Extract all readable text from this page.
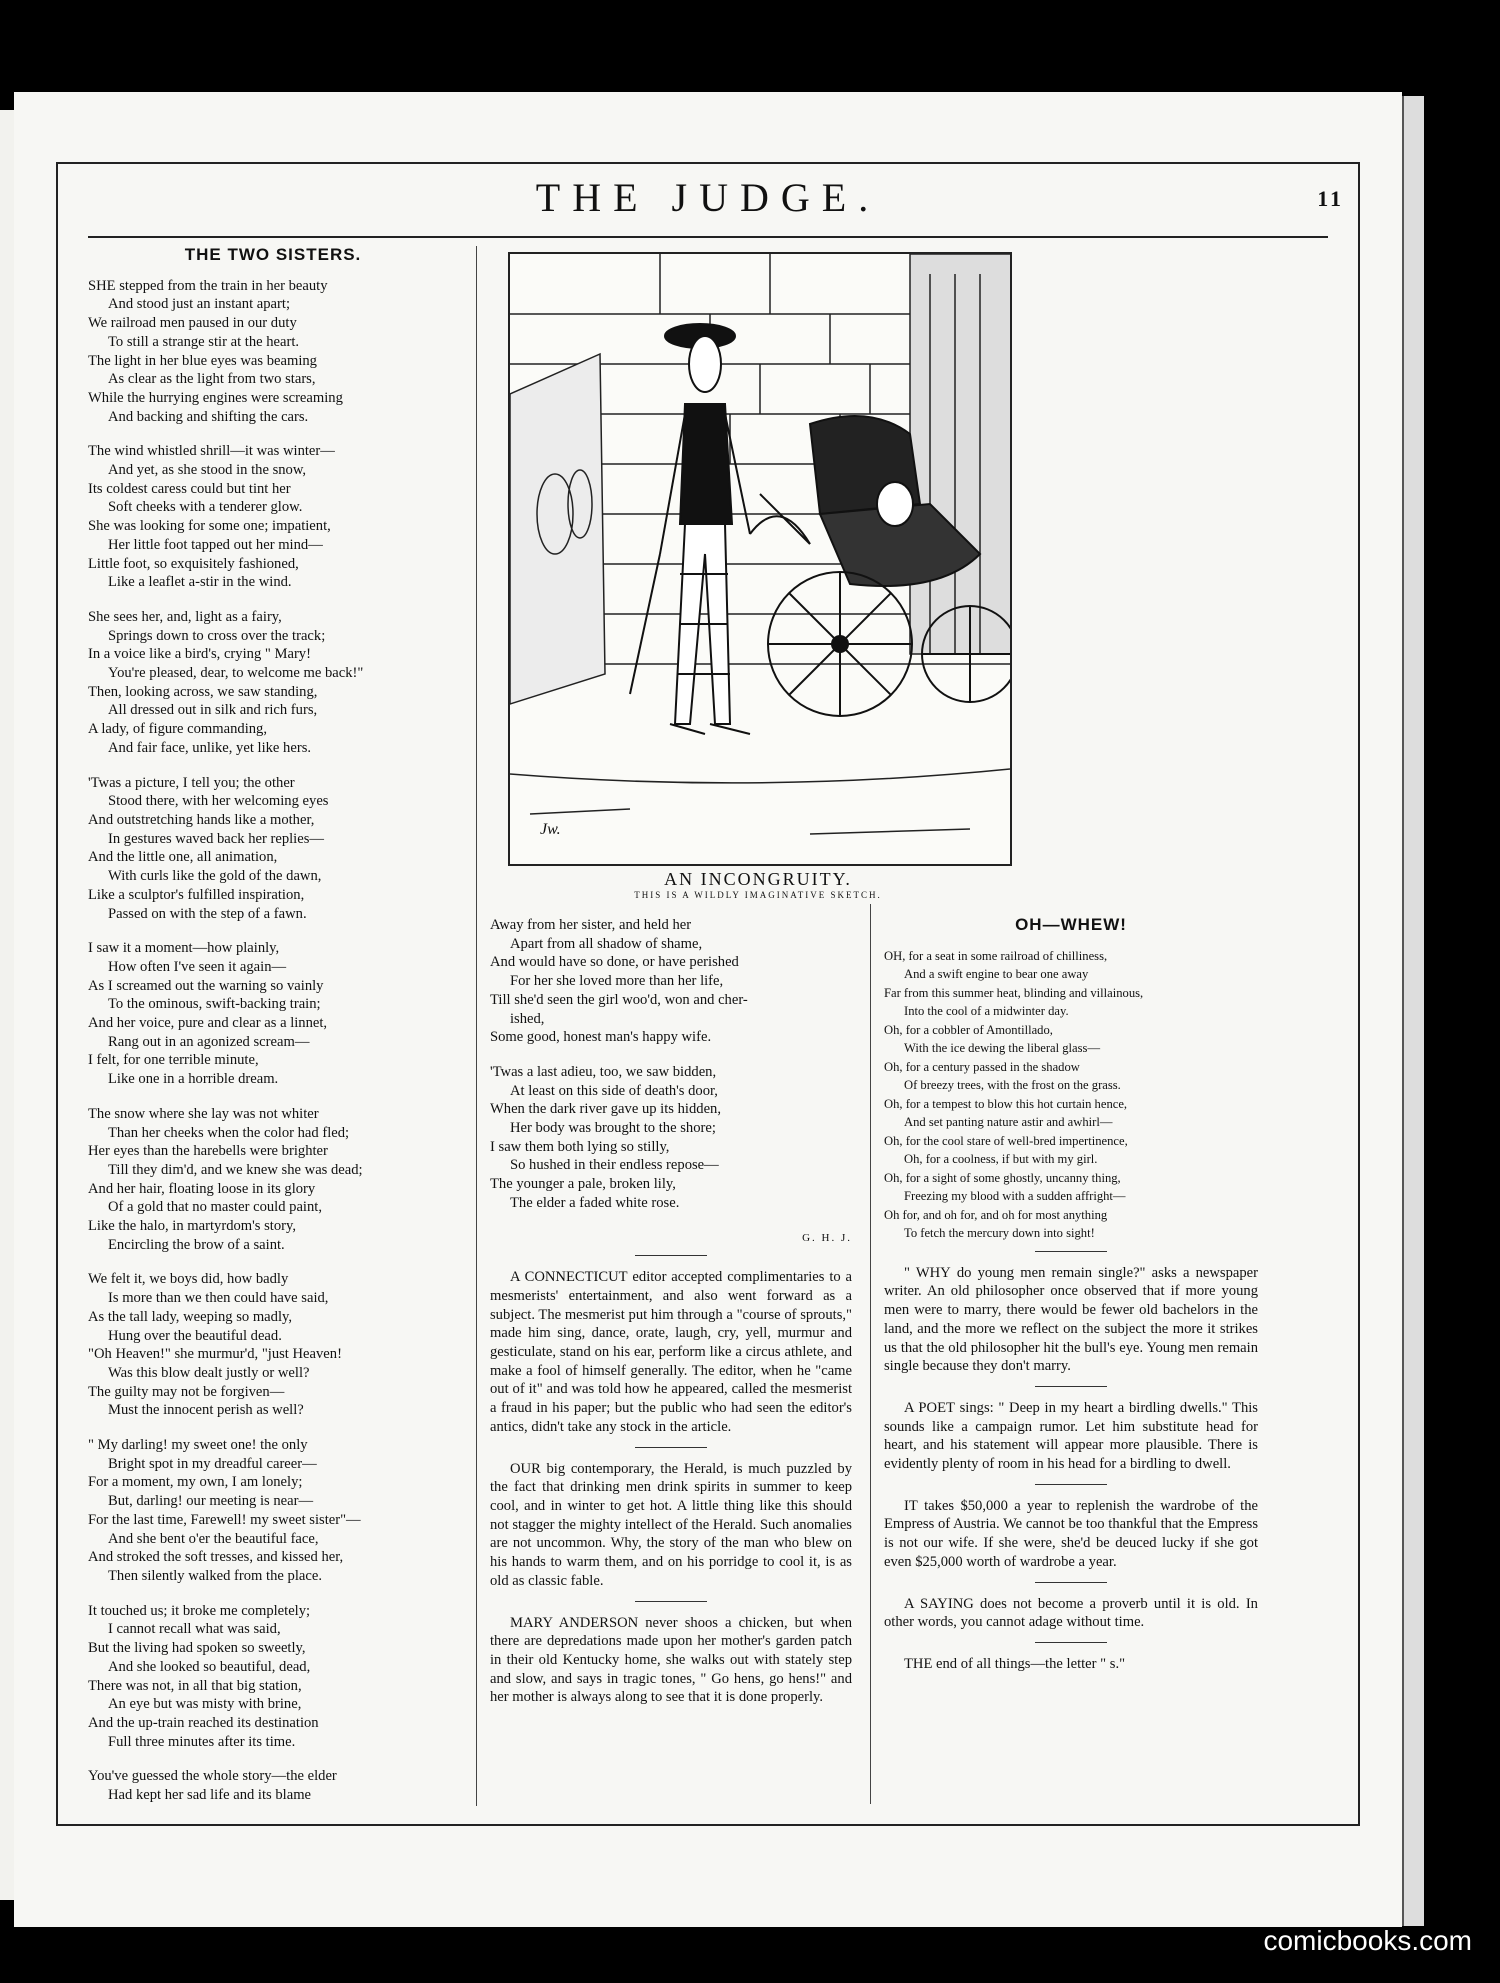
THE JUDGE.	11
THE TWO SISTERS.
SHE stepped from the train in her beauty
And stood just an instant apart;
We railroad men paused in our duty
To still a strange stir at the heart.
The light in her blue eyes was beaming
As clear as the light from two stars,
While the hurrying engines were screaming
And backing and shifting the cars.
The wind whistled shrill—it was winter—
And yet, as she stood in the snow,
Its coldest caress could but tint her
Soft cheeks with a tenderer glow.
She was looking for some one; impatient,
Her little foot tapped out her mind—
Little foot, so exquisitely fashioned,
Like a leaflet a-stir in the wind.
She sees her, and, light as a fairy,
Springs down to cross over the track;
In a voice like a bird's, crying " Mary!
You're pleased, dear, to welcome me back!"
Then, looking across, we saw standing,
All dressed out in silk and rich furs,
A lady, of figure commanding,
And fair face, unlike, yet like hers.
'Twas a picture, I tell you; the other
Stood there, with her welcoming eyes
And outstretching hands like a mother,
In gestures waved back her replies—
And the little one, all animation,
With curls like the gold of the dawn,
Like a sculptor's fulfilled inspiration,
Passed on with the step of a fawn.
I saw it a moment—how plainly,
How often I've seen it again—
As I screamed out the warning so vainly
To the ominous, swift-backing train;
And her voice, pure and clear as a linnet,
Rang out in an agonized scream—
I felt, for one terrible minute,
Like one in a horrible dream.
The snow where she lay was not whiter
Than her cheeks when the color had fled;
Her eyes than the harebells were brighter
Till they dim'd, and we knew she was dead;
And her hair, floating loose in its glory
Of a gold that no master could paint,
Like the halo, in martyrdom's story,
Encircling the brow of a saint.
We felt it, we boys did, how badly
Is more than we then could have said,
As the tall lady, weeping so madly,
Hung over the beautiful dead.
"Oh Heaven!" she murmur'd, "just Heaven!
Was this blow dealt justly or well?
The guilty may not be forgiven—
Must the innocent perish as well?
" My darling! my sweet one! the only
Bright spot in my dreadful career—
For a moment, my own, I am lonely;
But, darling! our meeting is near—
For the last time, Farewell! my sweet sister"—
And she bent o'er the beautiful face,
And stroked the soft tresses, and kissed her,
Then silently walked from the place.
It touched us; it broke me completely;
I cannot recall what was said,
But the living had spoken so sweetly,
And she looked so beautiful, dead,
There was not, in all that big station,
An eye but was misty with brine,
And the up-train reached its destination
Full three minutes after its time.
You've guessed the whole story—the elder
Had kept her sad life and its blame
Jw.
AN INCONGRUITY.
THIS IS A WILDLY IMAGINATIVE SKETCH.
Away from her sister, and held her
Apart from all shadow of shame,
And would have so done, or have perished
For her she loved more than her life,
Till she'd seen the girl woo'd, won and cher-
ished,
Some good, honest man's happy wife.
'Twas a last adieu, too, we saw bidden,
At least on this side of death's door,
When the dark river gave up its hidden,
Her body was brought to the shore;
I saw them both lying so stilly,
So hushed in their endless repose—
The younger a pale, broken lily,
The elder a faded white rose.
G. H. J.

A CONNECTICUT editor accepted complimentaries to a mesmerists' entertainment, and also went forward as a subject. The mesmerist put him through a "course of sprouts," made him sing, dance, orate, laugh, cry, yell, murmur and gesticulate, stand on his ear, perform like a circus athlete, and make a fool of himself generally. The editor, when he "came out of it" and was told how he appeared, called the mesmerist a fraud in his paper; but the public who had seen the editor's antics, didn't take any stock in the article.

OUR big contemporary, the Herald, is much puzzled by the fact that drinking men drink spirits in summer to keep cool, and in winter to get hot. A little thing like this should not stagger the mighty intellect of the Herald. Such anomalies are not uncommon. Why, the story of the man who blew on his hands to warm them, and on his porridge to cool it, is as old as classic fable.

MARY ANDERSON never shoos a chicken, but when there are depredations made upon her mother's garden patch in their old Kentucky home, she walks out with stately step and slow, and says in tragic tones, " Go hens, go hens!" and her mother is always along to see that it is done properly.

OH—WHEW!
OH, for a seat in some railroad of chilliness,
And a swift engine to bear one away
Far from this summer heat, blinding and villainous,
Into the cool of a midwinter day.
Oh, for a cobbler of Amontillado,
With the ice dewing the liberal glass—
Oh, for a century passed in the shadow
Of breezy trees, with the frost on the grass.
Oh, for a tempest to blow this hot curtain hence,
And set panting nature astir and awhirl—
Oh, for the cool stare of well-bred impertinence,
Oh, for a coolness, if but with my girl.
Oh, for a sight of some ghostly, uncanny thing,
Freezing my blood with a sudden affright—
Oh for, and oh for, and oh for most anything
To fetch the mercury down into sight!

" WHY do young men remain single?" asks a newspaper writer. An old philosopher once observed that if more young men were to marry, there would be fewer old bachelors in the land, and the more we reflect on the subject the more it strikes us that the old philosopher hit the bull's eye. Young men remain single because they don't marry.

A POET sings: " Deep in my heart a birdling dwells." This sounds like a campaign rumor. Let him substitute head for heart, and his statement will appear more plausible. There is evidently plenty of room in his head for a birdling to dwell.

IT takes $50,000 a year to replenish the wardrobe of the Empress of Austria. We cannot be too thankful that the Empress is not our wife. If she were, she'd be deuced lucky if she got even $25,000 worth of wardrobe a year.

A SAYING does not become a proverb until it is old. In other words, you cannot adage without time.

THE end of all things—the letter " s."

comicbooks.com
